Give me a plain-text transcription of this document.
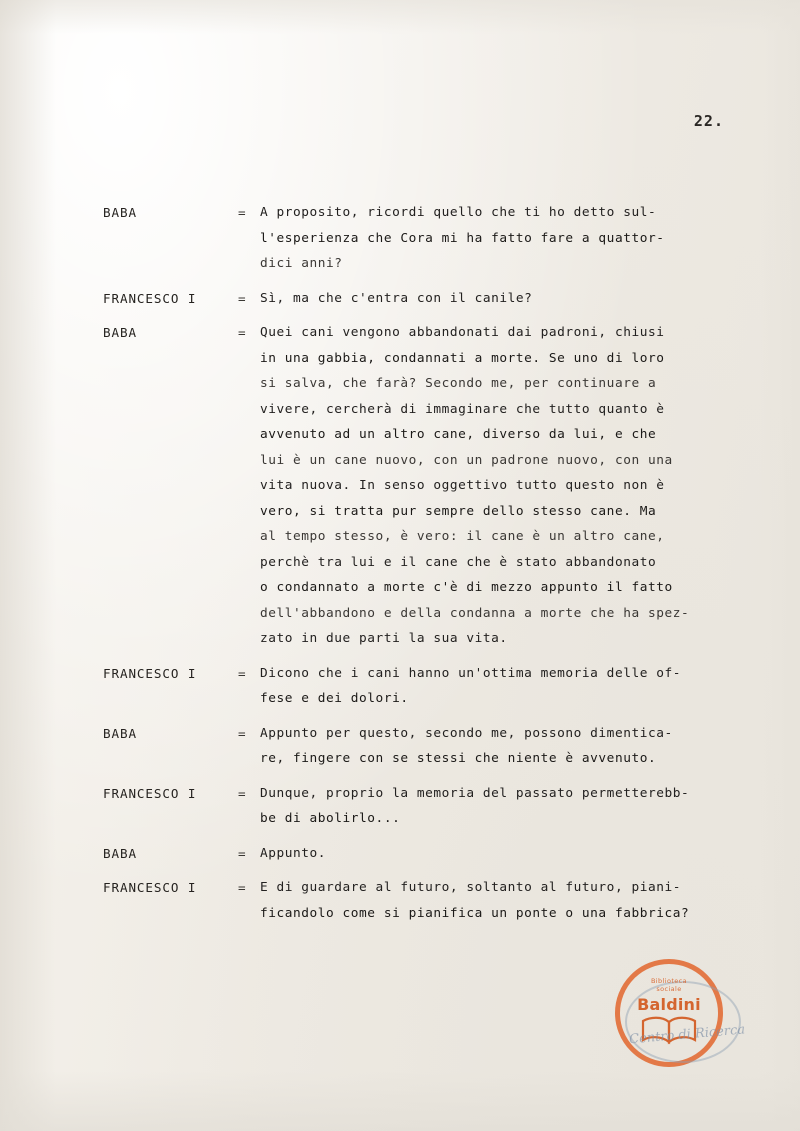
22.
BABA	=	A proposito, ricordi quello che ti ho detto sul-
l'esperienza che Cora mi ha fatto fare a quattor-
dici anni?
FRANCESCO I	=	Sì, ma che c'entra con il canile?
BABA	=	Quei cani vengono abbandonati dai padroni, chiusi
in una gabbia, condannati a morte. Se uno di loro
si salva, che farà? Secondo me, per continuare a
vivere, cercherà di immaginare che tutto quanto è
avvenuto ad un altro cane, diverso da lui, e che
lui è un cane nuovo, con un padrone nuovo, con una
vita nuova. In senso oggettivo tutto questo non è
vero, si tratta pur sempre dello stesso cane. Ma
al tempo stesso, è vero: il cane è un altro cane,
perchè tra lui e il cane che è stato abbandonato
o condannato a morte c'è di mezzo appunto il fatto
dell'abbandono e della condanna a morte che ha spez-
zato in due parti la sua vita.
FRANCESCO I	=	Dicono che i cani hanno un'ottima memoria delle of-
fese e dei dolori.
BABA	=	Appunto per questo, secondo me, possono dimentica-
re, fingere con se stessi che niente è avvenuto.
FRANCESCO I	=	Dunque, proprio la memoria del passato permetterebb-
be di abolirlo...
BABA	=	Appunto.
FRANCESCO I	=	E di guardare al futuro, soltanto al futuro, piani-
ficandolo come si pianifica un ponte o una fabbrica?
Biblioteca
sociale
Baldini
Centro di Ricerca
